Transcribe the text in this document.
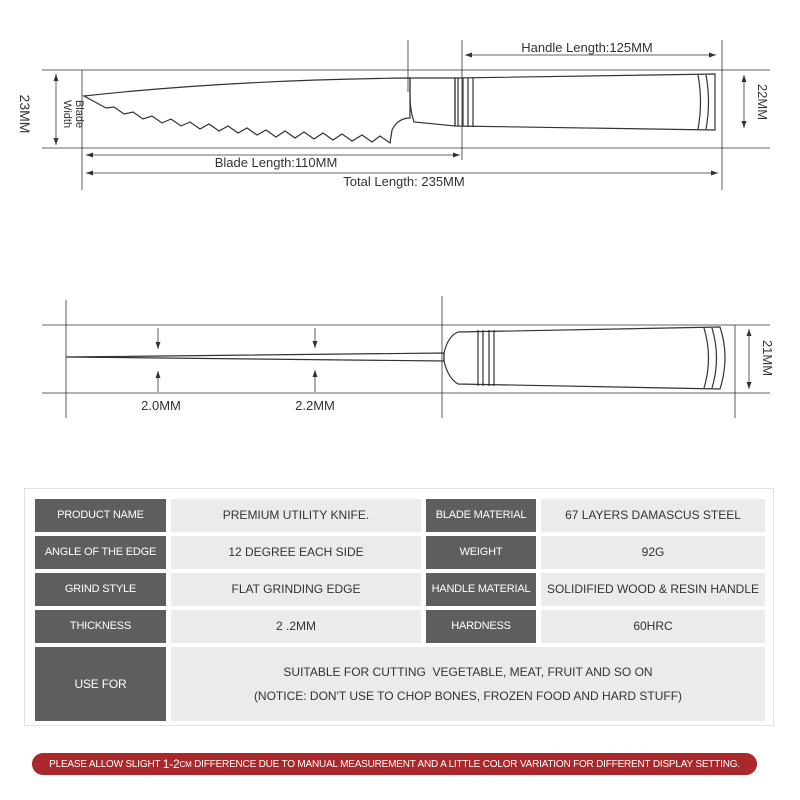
Handle Length:125MM
23MM	BladeWidth	22MM
Blade Length:110MM
Total Length: 235MM
2.0MM	2.2MM
21MM
PRODUCT NAME	PREMIUM UTILITY KNIFE.	BLADE MATERIAL	67 LAYERS DAMASCUS STEEL
ANGLE OF THE EDGE	12 DEGREE EACH SIDE	WEIGHT	92G
GRIND STYLE	FLAT GRINDING EDGE	HANDLE MATERIAL	SOLIDIFIED WOOD & RESIN HANDLE
THICKNESS	2 .2MM	HARDNESS	60HRC
USE FOR
SUITABLE FOR CUTTING  VEGETABLE, MEAT, FRUIT AND SO ON
(NOTICE: DON'T USE TO CHOP BONES, FROZEN FOOD AND HARD STUFF)
PLEASE ALLOW SLIGHT 1-2 CM DIFFERENCE DUE TO MANUAL MEASUREMENT AND A LITTLE COLOR VARIATION FOR DIFFERENT DISPLAY SETTING.
